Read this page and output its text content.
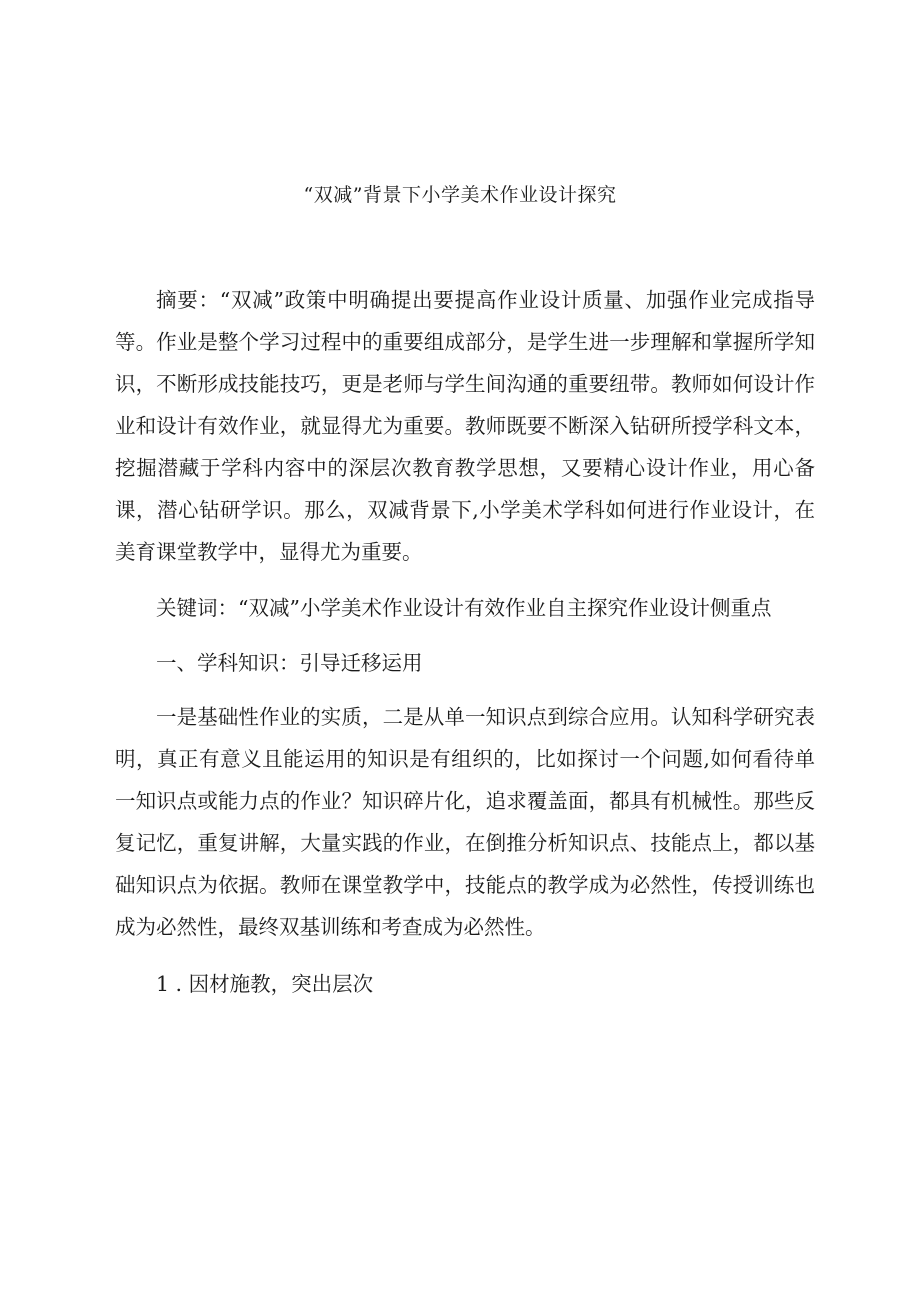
“双减”背景下小学美术作业设计探究
摘要：“双减”政策中明确提出要提高作业设计质量、加强作业完成指导等。作业是整个学习过程中的重要组成部分，是学生进一步理解和掌握所学知识，不断形成技能技巧，更是老师与学生间沟通的重要纽带。教师如何设计作业和设计有效作业，就显得尤为重要。教师既要不断深入钻研所授学科文本，挖掘潜藏于学科内容中的深层次教育教学思想，又要精心设计作业，用心备课，潜心钻研学识。那么，双减背景下,小学美术学科如何进行作业设计，在美育课堂教学中，显得尤为重要。
关键词：“双减”小学美术作业设计有效作业自主探究作业设计侧重点
一、学科知识：引导迁移运用
一是基础性作业的实质，二是从单一知识点到综合应用。认知科学研究表明，真正有意义且能运用的知识是有组织的，比如探讨一个问题,如何看待单一知识点或能力点的作业？知识碎片化，追求覆盖面，都具有机械性。那些反复记忆，重复讲解，大量实践的作业，在倒推分析知识点、技能点上，都以基础知识点为依据。教师在课堂教学中，技能点的教学成为必然性，传授训练也成为必然性，最终双基训练和考查成为必然性。
1 . 因材施教，突出层次
